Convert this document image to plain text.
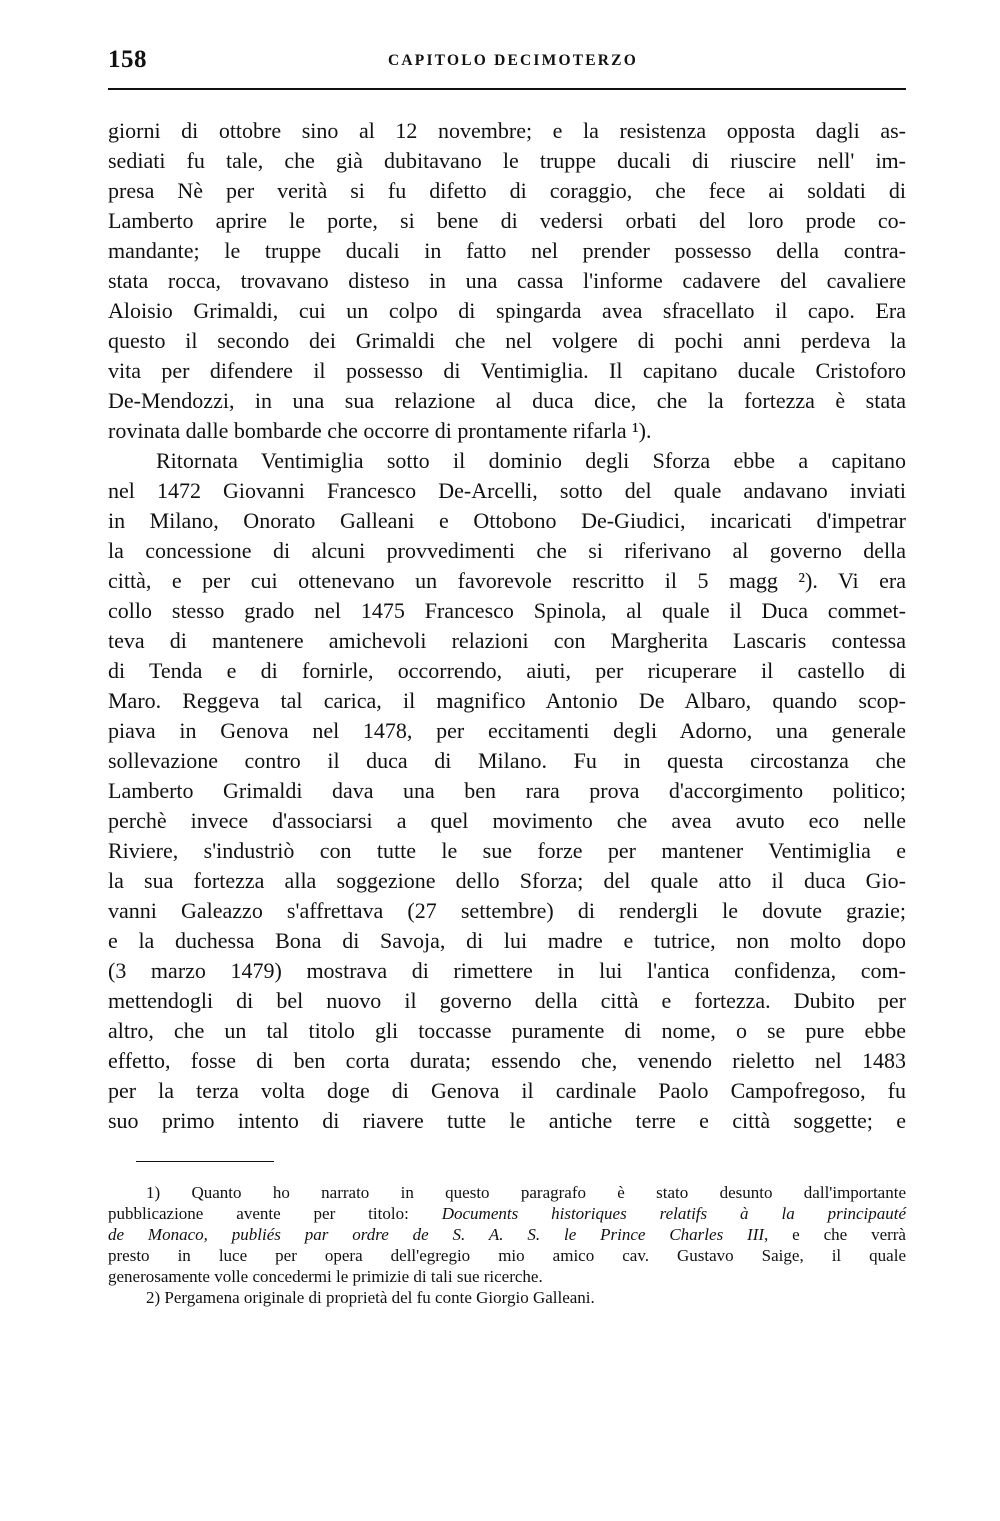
158	CAPITOLO DECIMOTERZO
giorni di ottobre sino al 12 novembre; e la resistenza opposta dagli as-
sediati fu tale, che già dubitavano le truppe ducali di riuscire nell' im-
presa Nè per verità si fu difetto di coraggio, che fece ai soldati di
Lamberto aprire le porte, si bene di vedersi orbati del loro prode co-
mandante; le truppe ducali in fatto nel prender possesso della contra-
stata rocca, trovavano disteso in una cassa l'informe cadavere del cavaliere
Aloisio Grimaldi, cui un colpo di spingarda avea sfracellato il capo. Era
questo il secondo dei Grimaldi che nel volgere di pochi anni perdeva la
vita per difendere il possesso di Ventimiglia. Il capitano ducale Cristoforo
De-Mendozzi, in una sua relazione al duca dice, che la fortezza è stata
rovinata dalle bombarde che occorre di prontamente rifarla ¹).
Ritornata Ventimiglia sotto il dominio degli Sforza ebbe a capitano
nel 1472 Giovanni Francesco De-Arcelli, sotto del quale andavano inviati
in Milano, Onorato Galleani e Ottobono De-Giudici, incaricati d'impetrar
la concessione di alcuni provvedimenti che si riferivano al governo della
città, e per cui ottenevano un favorevole rescritto il 5 magg ²). Vi era
collo stesso grado nel 1475 Francesco Spinola, al quale il Duca commet-
teva di mantenere amichevoli relazioni con Margherita Lascaris contessa
di Tenda e di fornirle, occorrendo, aiuti, per ricuperare il castello di
Maro. Reggeva tal carica, il magnifico Antonio De Albaro, quando scop-
piava in Genova nel 1478, per eccitamenti degli Adorno, una generale
sollevazione contro il duca di Milano. Fu in questa circostanza che
Lamberto Grimaldi dava una ben rara prova d'accorgimento politico;
perchè invece d'associarsi a quel movimento che avea avuto eco nelle
Riviere, s'industriò con tutte le sue forze per mantener Ventimiglia e
la sua fortezza alla soggezione dello Sforza; del quale atto il duca Gio-
vanni Galeazzo s'affrettava (27 settembre) di rendergli le dovute grazie;
e la duchessa Bona di Savoja, di lui madre e tutrice, non molto dopo
(3 marzo 1479) mostrava di rimettere in lui l'antica confidenza, com-
mettendogli di bel nuovo il governo della città e fortezza. Dubito per
altro, che un tal titolo gli toccasse puramente di nome, o se pure ebbe
effetto, fosse di ben corta durata; essendo che, venendo rieletto nel 1483
per la terza volta doge di Genova il cardinale Paolo Campofregoso, fu
suo primo intento di riavere tutte le antiche terre e città soggette; e
1) Quanto ho narrato in questo paragrafo è stato desunto dall'importante
pubblicazione avente per titolo: Documents historiques relatifs à la principauté
de Monaco, publiés par ordre de S. A. S. le Prince Charles III, e che verrà
presto in luce per opera dell'egregio mio amico cav. Gustavo Saige, il quale
generosamente volle concedermi le primizie di tali sue ricerche.
2) Pergamena originale di proprietà del fu conte Giorgio Galleani.
